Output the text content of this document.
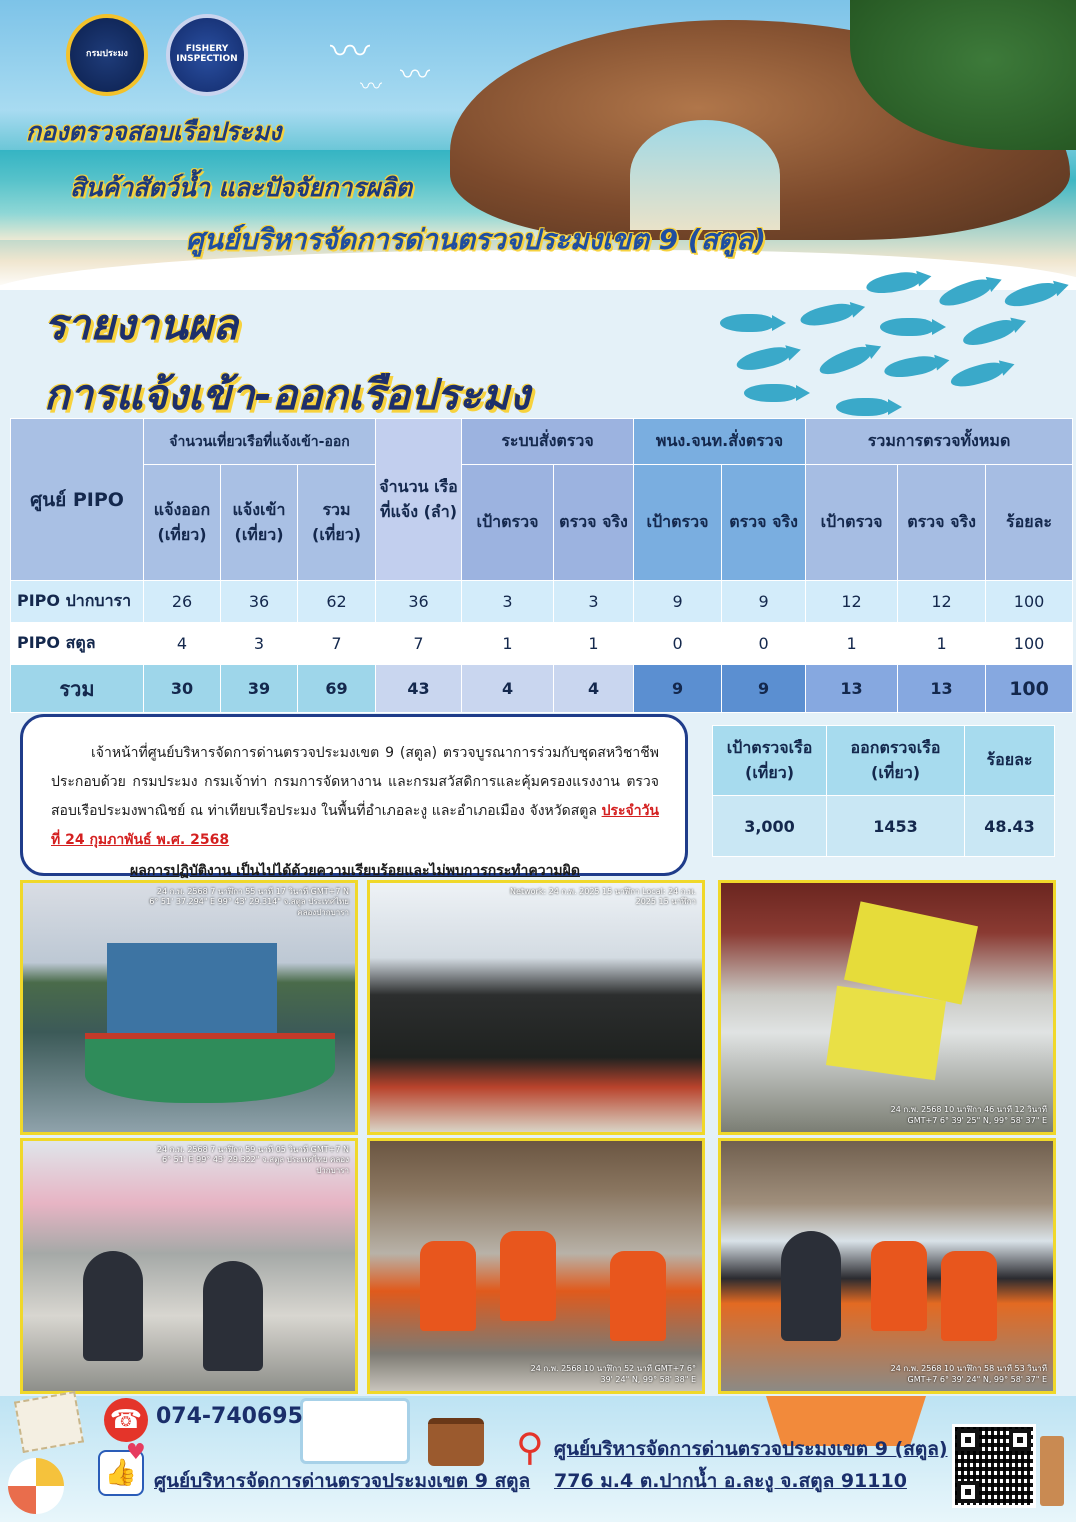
〰
〰
〰
กรมประมง	FISHERY INSPECTION
กองตรวจสอบเรือประมง
สินค้าสัตว์น้ำ และปัจจัยการผลิต
ศูนย์บริหารจัดการด่านตรวจประมงเขต 9 (สตูล)
รายงานผล
การแจ้งเข้า-ออกเรือประมง
ศูนย์ PIPO	จำนวนเที่ยวเรือที่แจ้งเข้า-ออก			จำนวน เรือที่แจ้ง (ลำ)	ระบบสั่งตรวจ		พนง.จนท.สั่งตรวจ		รวมการตรวจทั้งหมด		
	แจ้งออก (เที่ยว)	แจ้งเข้า (เที่ยว)	รวม (เที่ยว)		เป้าตรวจ	ตรวจ จริง	เป้าตรวจ	ตรวจ จริง	เป้าตรวจ	ตรวจ จริง	ร้อยละ
PIPO ปากบารา	26	36	62	36	3	3	9	9	12	12	100
PIPO สตูล	4	3	7	7	1	1	0	0	1	1	100
รวม	30	39	69	43	4	4	9	9	13	13	100
เจ้าหน้าที่ศูนย์บริหารจัดการด่านตรวจประมงเขต 9 (สตูล) ตรวจบูรณาการร่วมกับชุดสหวิชาชีพประกอบด้วย กรมประมง กรมเจ้าท่า กรมการจัดหางาน และกรมสวัสดิการและคุ้มครองแรงงาน ตรวจสอบเรือประมงพาณิชย์ ณ ท่าเทียบเรือประมง ในพื้นที่อำเภอละงู และอำเภอเมือง จังหวัดสตูล ประจำวันที่ 24 กุมภาพันธ์ พ.ศ. 2568
ผลการปฏิบัติงาน เป็นไปได้ด้วยความเรียบร้อยและไม่พบการกระทำความผิด
เป้าตรวจเรือ (เที่ยว)	ออกตรวจเรือ (เที่ยว)	ร้อยละ
3,000	1453	48.43
24 ก.พ. 2568 7 นาฬิกา 55 นาที 17 วินาที GMT+7 N 6° 51' 37.294" E 99° 43' 29.314" จ.สตูล ประเทศไทย คลองปากบารา
Network: 24 ก.พ. 2025 15 นาฬิกา Local: 24 ก.พ. 2025 15 นาฬิกา
24 ก.พ. 2568 10 นาฬิกา 46 นาที 12 วินาที GMT+7 6° 39' 25" N, 99° 58' 37" E
24 ก.พ. 2568 7 นาฬิกา 59 นาที 05 วินาที GMT+7 N 6° 51' E 99° 43' 29.322" จ.สตูล ประเทศไทย คลองปากบารา
24 ก.พ. 2568 10 นาฬิกา 52 นาที GMT+7 6° 39' 24" N, 99° 58' 38" E
24 ก.พ. 2568 10 นาฬิกา 58 นาที 53 วินาที GMT+7 6° 39' 24" N, 99° 58' 37" E
☎ 074-740695
👍
♥
ศูนย์บริหารจัดการด่านตรวจประมงเขต 9 สตูล
⚲ ศูนย์บริหารจัดการด่านตรวจประมงเขต 9 (สตูล)
776 ม.4 ต.ปากน้ำ อ.ละงู จ.สตูล 91110
